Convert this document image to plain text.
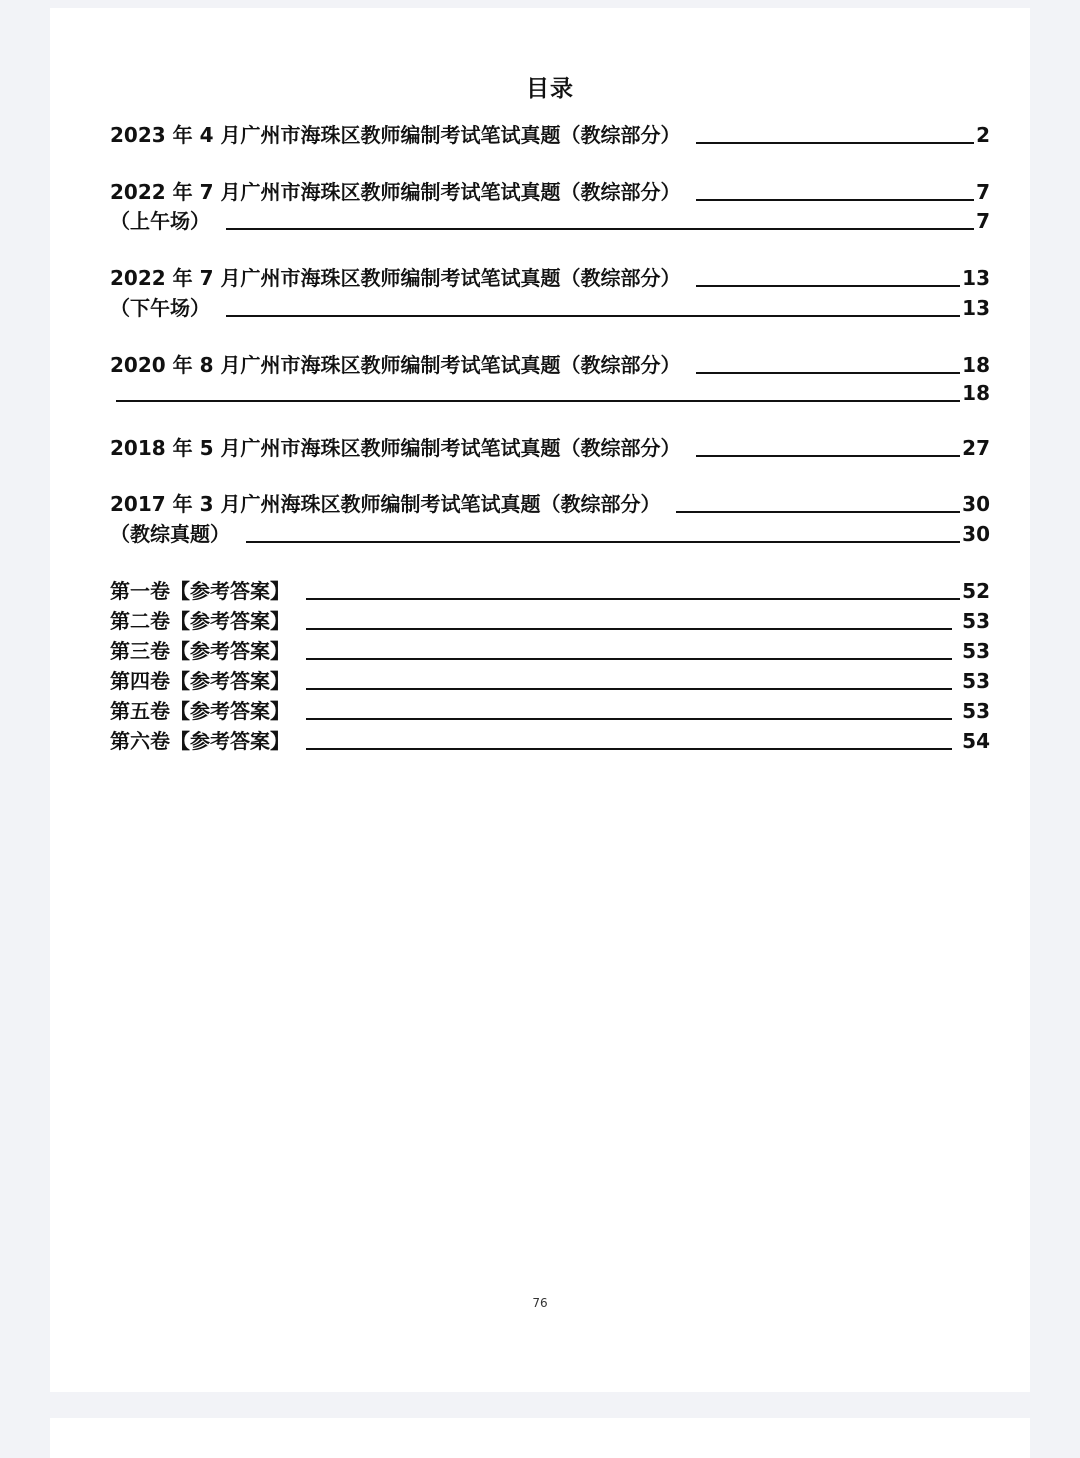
目录
2023 年 4 月广州市海珠区教师编制考试笔试真题（教综部分）	2
2022 年 7 月广州市海珠区教师编制考试笔试真题（教综部分）	7
（上午场）	7
2022 年 7 月广州市海珠区教师编制考试笔试真题（教综部分）	13
（下午场）	13
2020 年 8 月广州市海珠区教师编制考试笔试真题（教综部分）	18
18
2018 年 5 月广州市海珠区教师编制考试笔试真题（教综部分）	27
2017 年 3 月广州海珠区教师编制考试笔试真题（教综部分）	30
（教综真题）	30
第一卷【参考答案】	52
第二卷【参考答案】	53
第三卷【参考答案】	53
第四卷【参考答案】	53
第五卷【参考答案】	53
第六卷【参考答案】	54
76
